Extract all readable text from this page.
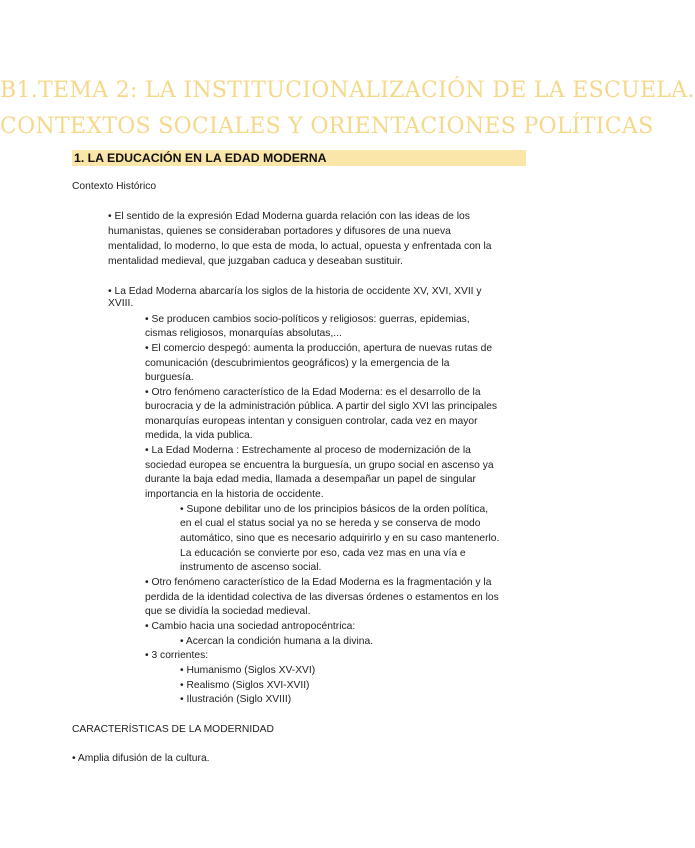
B1.TEMA 2: LA INSTITUCIONALIZACIÓN DE LA ESCUELA.
CONTEXTOS SOCIALES Y ORIENTACIONES POLÍTICAS
1. LA EDUCACIÓN EN LA EDAD MODERNA
Contexto Histórico
• El sentido de la expresión Edad Moderna guarda relación con las ideas de los
humanistas, quienes se consideraban portadores y difusores de una nueva
mentalidad, lo moderno, lo que esta de moda, lo actual, opuesta y enfrentada con la
mentalidad medieval, que juzgaban caduca y deseaban sustituir.
• La Edad Moderna abarcaría los siglos de la historia de occidente XV, XVI, XVII y
XVIII.
• Se producen cambios socio-políticos y religiosos: guerras, epidemias,
cismas religiosos, monarquías absolutas,...
• El comercio despegó: aumenta la producción, apertura de nuevas rutas de
comunicación (descubrimientos geográficos) y la emergencia de la
burguesía.
• Otro fenómeno característico de la Edad Moderna: es el desarrollo de la
burocracia y de la administración pública. A partir del siglo XVI las principales
monarquías europeas intentan y consiguen controlar, cada vez en mayor
medida, la vida publica.
• La Edad Moderna : Estrechamente al proceso de modernización de la
sociedad europea se encuentra la burguesía, un grupo social en ascenso ya
durante la baja edad media, llamada a desempañar un papel de singular
importancia en la historia de occidente.
• Supone debilitar uno de los principios básicos de la orden política,
en el cual el status social ya no se hereda y se conserva de modo
automático, sino que es necesario adquirirlo y en su caso mantenerlo.
La educación se convierte por eso, cada vez mas en una vía e
instrumento de ascenso social.
• Otro fenómeno característico de la Edad Moderna es la fragmentación y la
perdida de la identidad colectiva de las diversas órdenes o estamentos en los
que se dividía la sociedad medieval.
• Cambio hacia una sociedad antropocéntrica:
• Acercan la condición humana a la divina.
• 3 corrientes:
• Humanismo (Siglos XV-XVI)
• Realismo (Siglos XVI-XVII)
• Ilustración (Siglo XVIII)
CARACTERÍSTICAS DE LA MODERNIDAD
• Amplia difusión de la cultura.
